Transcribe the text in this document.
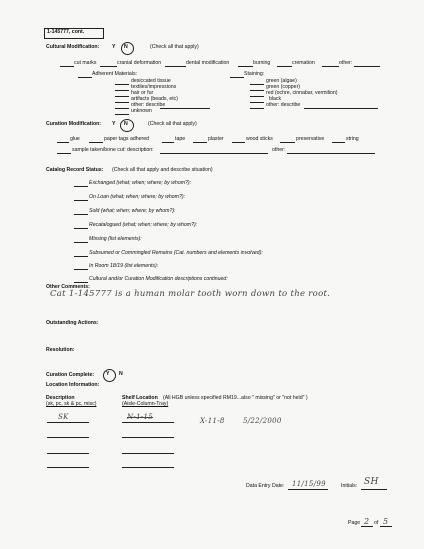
1-145777, cont.
Cultural Modification: Y N	(Check all that apply)
cut marks	cranial deformation	dental modification	burning	cremation	other:
Adherent Materials:	Staining:
desiccated tissue
textiles/impressions
hair or fur
artifacts (beads, etc)
other: describe
unknown
green (algae)
green (copper)
red (ochre, cinnabar, vermilion)
black
other: describe
Curation Modification: Y N	(Check all that apply)
glue	paper tags adhered	tape	plaster	wood sticks	preservative	string
sample taken/bone cut: description:	other:
Catalog Record Status: (Check all that apply and describe situation)
Exchanged (what; when; where; by whom?):
On Loan (what; when; where; by whom?):
Sold (what; when; where; by whom?):
Recatalogued (what; when; where; by whom?):
Missing (list elements):
Subsumed or Commingled Remains (Cat. numbers and elements involved):
In Room 18/19 (list elements):
Cultural and/or Curation Modification descriptions continued:
Other Comments:
Cat 1-145777 is a human molar tooth worn down to the root.
Outstanding Actions:
Resolution:
Curation Complete: Y N
Location Information:
Description
(sk, pc, sk & pc, misc)
Shelf Location (All HGB unless specified RM19...also " missing" or "not held" )
(Aisle-Column-Tray)
SK	N-1-15	X-11-8	5/22/2000
Data Entry Date: 11/15/99	Initials: SH
Page 2 of 5
